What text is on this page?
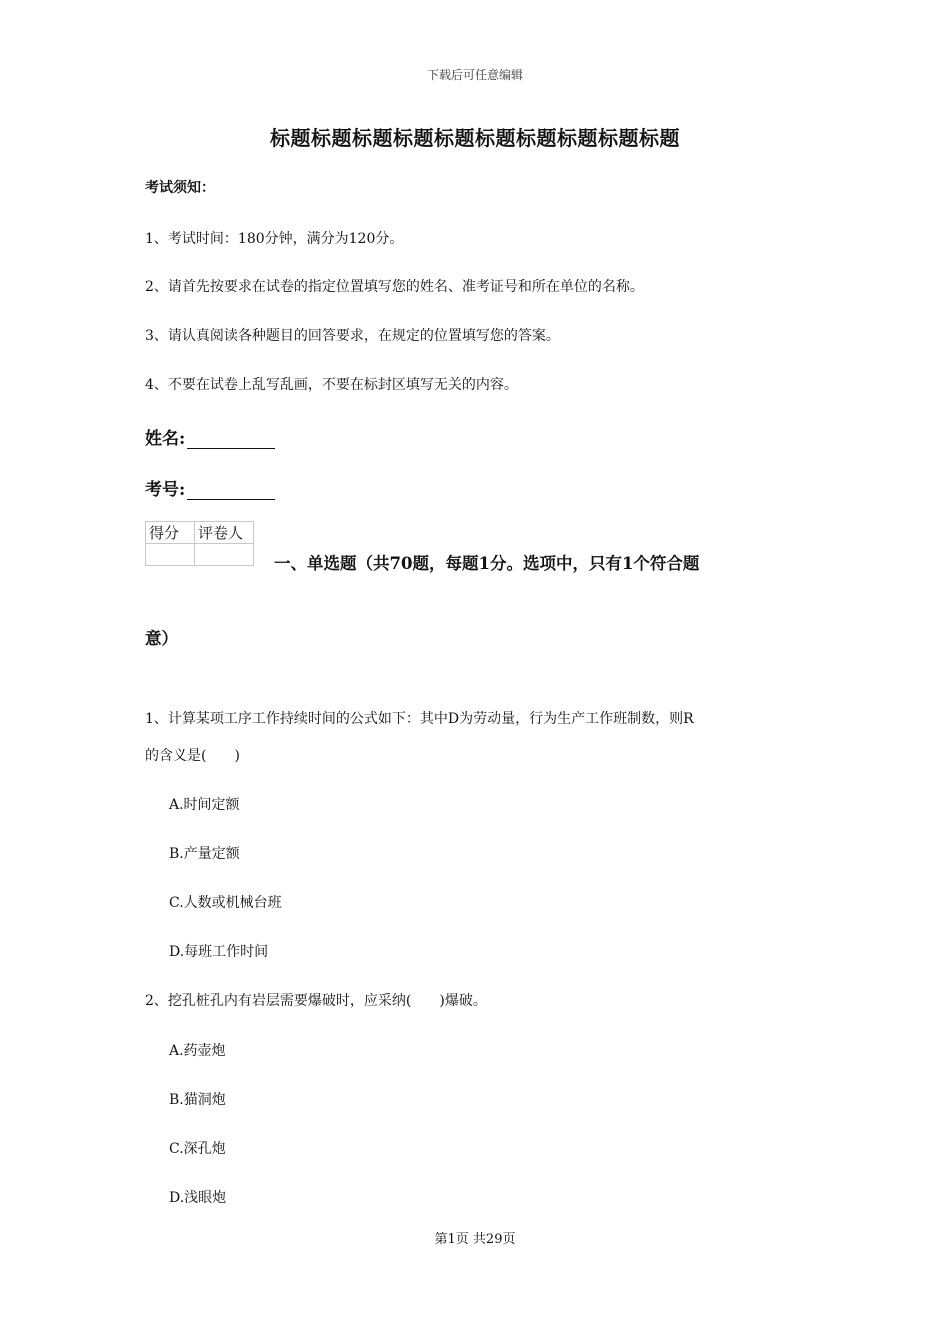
下载后可任意编辑
标题标题标题标题标题标题标题标题标题标题
考试须知：
1、考试时间：180分钟，满分为120分。
2、请首先按要求在试卷的指定位置填写您的姓名、准考证号和所在单位的名称。
3、请认真阅读各种题目的回答要求，在规定的位置填写您的答案。
4、不要在试卷上乱写乱画，不要在标封区填写无关的内容。
姓名:
考号:
得分	评卷人

一、单选题（共70题，每题1分。选项中，只有1个符合题
意）
1、计算某项工序工作持续时间的公式如下：其中D为劳动量，行为生产工作班制数，则R
的含义是(　　)
A.时间定额
B.产量定额
C.人数或机械台班
D.每班工作时间
2、挖孔桩孔内有岩层需要爆破时，应采纳(　　)爆破。
A.药壶炮
B.猫洞炮
C.深孔炮
D.浅眼炮
第1页 共29页
